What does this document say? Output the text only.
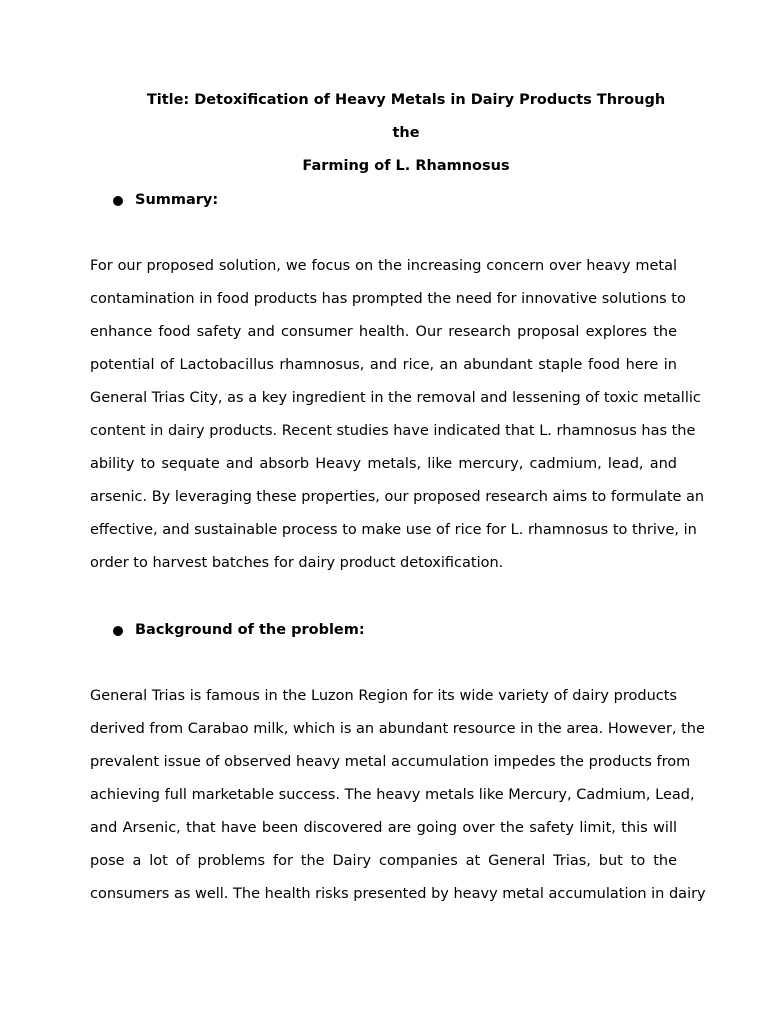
Title: Detoxification of Heavy Metals in Dairy Products Through the
Farming of L. Rhamnosus
Summary:
For our proposed solution, we focus on the increasing concern over heavy metal
contamination in food products has prompted the need for innovative solutions to
enhance food safety and consumer health. Our research proposal explores the
potential of Lactobacillus rhamnosus, and rice, an abundant staple food here in
General Trias City, as a key ingredient in the removal and lessening of toxic metallic
content in dairy products. Recent studies have indicated that L. rhamnosus has the
ability to sequate and absorb Heavy metals, like mercury, cadmium, lead, and
arsenic. By leveraging these properties, our proposed research aims to formulate an
effective, and sustainable process to make use of rice for L. rhamnosus to thrive, in
order to harvest batches for dairy product detoxification.
Background of the problem:
General Trias is famous in the Luzon Region for its wide variety of dairy products
derived from Carabao milk, which is an abundant resource in the area. However, the
prevalent issue of observed heavy metal accumulation impedes the products from
achieving full marketable success. The heavy metals like Mercury, Cadmium, Lead,
and Arsenic, that have been discovered are going over the safety limit, this will
pose a lot of problems for the Dairy companies at General Trias, but to the
consumers as well. The health risks presented by heavy metal accumulation in dairy
